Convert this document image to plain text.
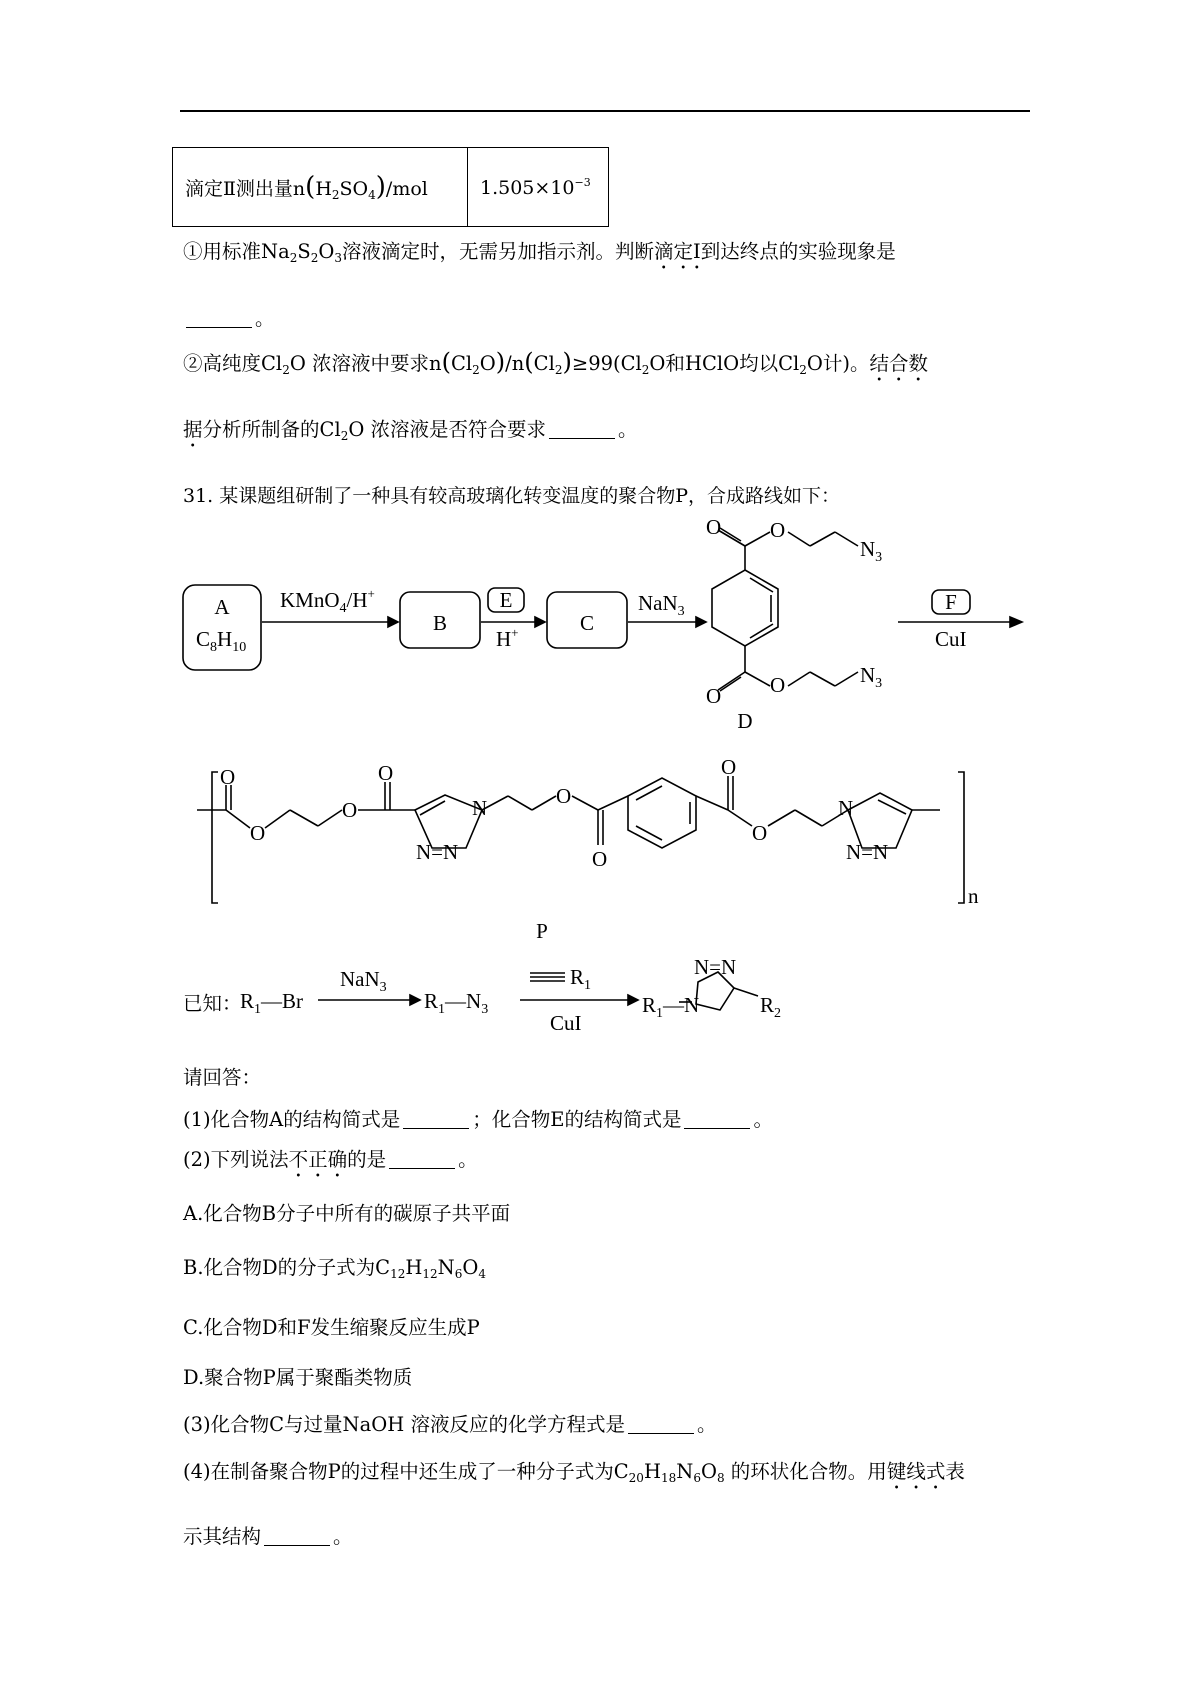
滴定Ⅱ测出量$n(H_2SO_4)$/mol	$1.505\times 10^{-3}$
①用标准$Na_2S_2O_3$溶液滴定时，无需另加指示剂。判断滴定Ⅰ到达终点的实验现象是
。
②高纯度$Cl_2O$ 浓溶液中要求$n(Cl_2O)/n(Cl_2)\ge 99(Cl_2O$和HClO均以$Cl_2O$计)。结合数
据分析所制备的$Cl_2O$ 浓溶液是否符合要求	。
31. 某课题组研制了一种具有较高玻璃化转变温度的聚合物P，合成路线如下：
A
$C_8H_{10}$
KMnO$_4$/H+
B
E
H+	C
NaN$_3$	F
CuI
O O
$N_3$
O O	$N_3$
D
O
O
O
O
N
N=N
O
O
O
O
N
N=N
n
P
已知：
$R_1—Br$
NaN$_3$
$R_1—N_3$
$R_1$
CuI
$R_1—N$
N=N
$R_2$
请回答：
(1)化合物A的结构简式是	；化合物E的结构简式是	。
(2)下列说法不正确的是	。
A.化合物B分子中所有的碳原子共平面
B.化合物D的分子式为$C_{12}H_{12}N_6O_4$
C.化合物D和F发生缩聚反应生成P
D.聚合物P属于聚酯类物质
(3)化合物C与过量NaOH 溶液反应的化学方程式是	。
(4)在制备聚合物P的过程中还生成了一种分子式为$C_{20}H_{18}N_6O_8$ 的环状化合物。用键线式表
示其结构	。
